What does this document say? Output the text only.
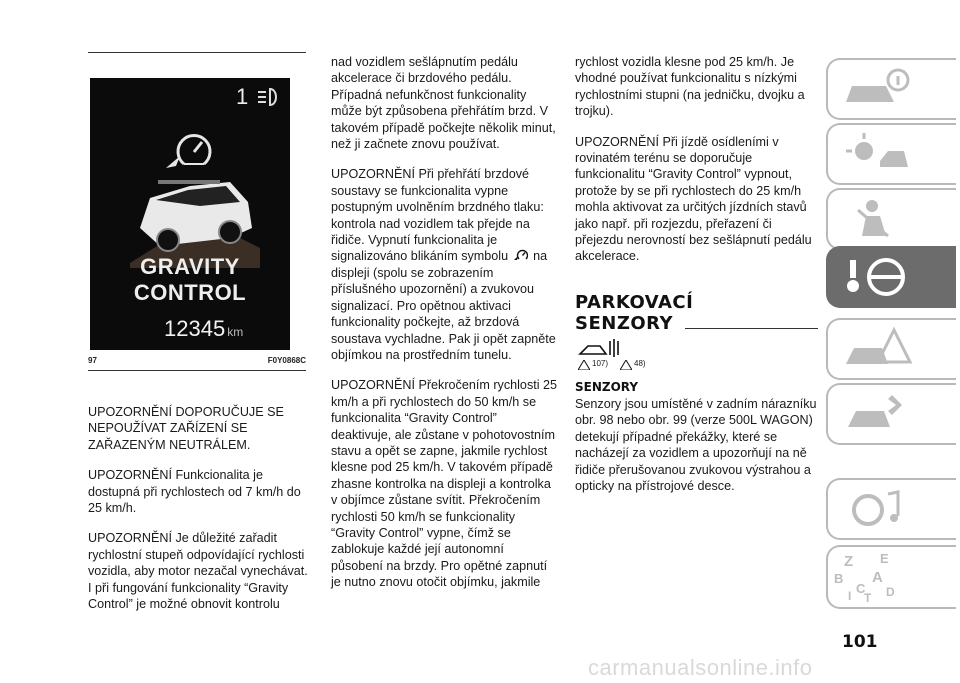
1
GRAVITY CONTROL
12345 km
97	F0Y0868C

UPOZORNĚNÍ DOPORUČUJE SE NEPOUŽÍVAT ZAŘÍZENÍ SE ZAŘAZENÝM NEUTRÁLEM.

UPOZORNĚNÍ Funkcionalita je dostupná při rychlostech od 7 km/h do 25 km/h.

UPOZORNĚNÍ Je důležité zařadit rychlostní stupeň odpovídající rychlosti vozidla, aby motor nezačal vynechávat. I při fungování funkcionality “Gravity Control” je možné obnovit kontrolu

nad vozidlem sešlápnutím pedálu akcelerace či brzdového pedálu. Případná nefunkčnost funkcionality může být způsobena přehřátím brzd. V takovém případě počkejte několik minut, než ji začnete znovu používat.

UPOZORNĚNÍ Při přehřátí brzdové soustavy se funkcionalita vypne postupným uvolněním brzdného tlaku: kontrola nad vozidlem tak přejde na řidiče. Vypnutí funkcionalita je signalizováno blikáním symbolu na displeji (spolu se zobrazením příslušného upozornění) a zvukovou signalizací. Pro opětnou aktivaci funkcionality počkejte, až brzdová soustava vychladne. Pak ji opět zapněte objímkou na prostředním tunelu.

UPOZORNĚNÍ Překročením rychlosti 25 km/h a při rychlostech do 50 km/h se funkcionalita “Gravity Control” deaktivuje, ale zůstane v pohotovostním stavu a opět se zapne, jakmile rychlost klesne pod 25 km/h. V takovém případě zhasne kontrolka na displeji a kontrolka v objímce zůstane svítit. Překročením rychlosti 50 km/h se funkcionality “Gravity Control” vypne, čímž se zablokuje každé její autonomní působení na brzdy. Pro opětné zapnutí je nutno znovu otočit objímku, jakmile

rychlost vozidla klesne pod 25 km/h. Je vhodné používat funkcionalitu s nízkými rychlostními stupni (na jedničku, dvojku a trojku).

UPOZORNĚNÍ Při jízdě osídleními v rovinatém terénu se doporučuje funkcionalitu “Gravity Control” vypnout, protože by se při rychlostech do 25 km/h mohla aktivovat za určitých jízdních stavů jako např. při rozjezdu, přeřazení či přejezdu nerovností bez sešlápnutí pedálu akcelerace.

PARKOVACÍ SENZORY
107)	48)
SENZORY

Senzory jsou umístěné v zadním nárazníku obr. 98 nebo obr. 99 (verze 500L WAGON) detekují případné překážky, které se nacházejí za vozidlem a upozorňují na ně řidiče přerušovanou zvukovou výstrahou a opticky na přístrojové desce.

Z E
B
C
A
I T D
101
carmanualsonline.info
